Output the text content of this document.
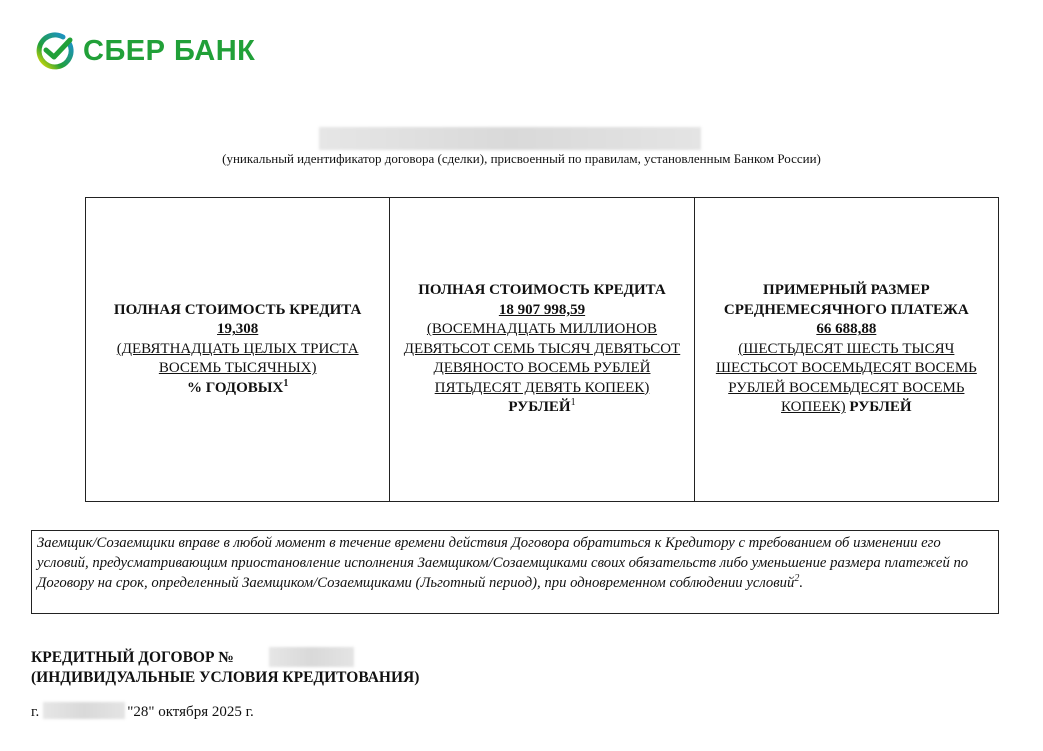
СБЕР БАНК
(уникальный идентификатор договора (сделки), присвоенный по правилам, установленным Банком России)
ПОЛНАЯ СТОИМОСТЬ КРЕДИТА
19,308
(ДЕВЯТНАДЦАТЬ ЦЕЛЫХ ТРИСТА ВОСЕМЬ ТЫСЯЧНЫХ)
% ГОДОВЫХ$^1$

ПОЛНАЯ СТОИМОСТЬ КРЕДИТА
18 907 998,59
(ВОСЕМНАДЦАТЬ МИЛЛИОНОВ ДЕВЯТЬСОТ СЕМЬ ТЫСЯЧ ДЕВЯТЬСОТ ДЕВЯНОСТО ВОСЕМЬ РУБЛЕЙ ПЯТЬДЕСЯТ ДЕВЯТЬ КОПЕЕК) РУБЛЕЙ$^1$

ПРИМЕРНЫЙ РАЗМЕР СРЕДНЕМЕСЯЧНОГО ПЛАТЕЖА
66 688,88
(ШЕСТЬДЕСЯТ ШЕСТЬ ТЫСЯЧ ШЕСТЬСОТ ВОСЕМЬДЕСЯТ ВОСЕМЬ РУБЛЕЙ ВОСЕМЬДЕСЯТ ВОСЕМЬ КОПЕЕК) РУБЛЕЙ
Заемщик/Созаемщики вправе в любой момент в течение времени действия Договора обратиться к Кредитору с требованием об изменении его условий, предусматривающим приостановление исполнения Заемщиком/Созаемщиками своих обязательств либо уменьшение размера платежей по Договору на срок, определенный Заемщиком/Созаемщиками (Льготный период), при одновременном соблюдении условий$^2$.
КРЕДИТНЫЙ ДОГОВОР №
(ИНДИВИДУАЛЬНЫЕ УСЛОВИЯ КРЕДИТОВАНИЯ)
г.	"28" октября 2025 г.
